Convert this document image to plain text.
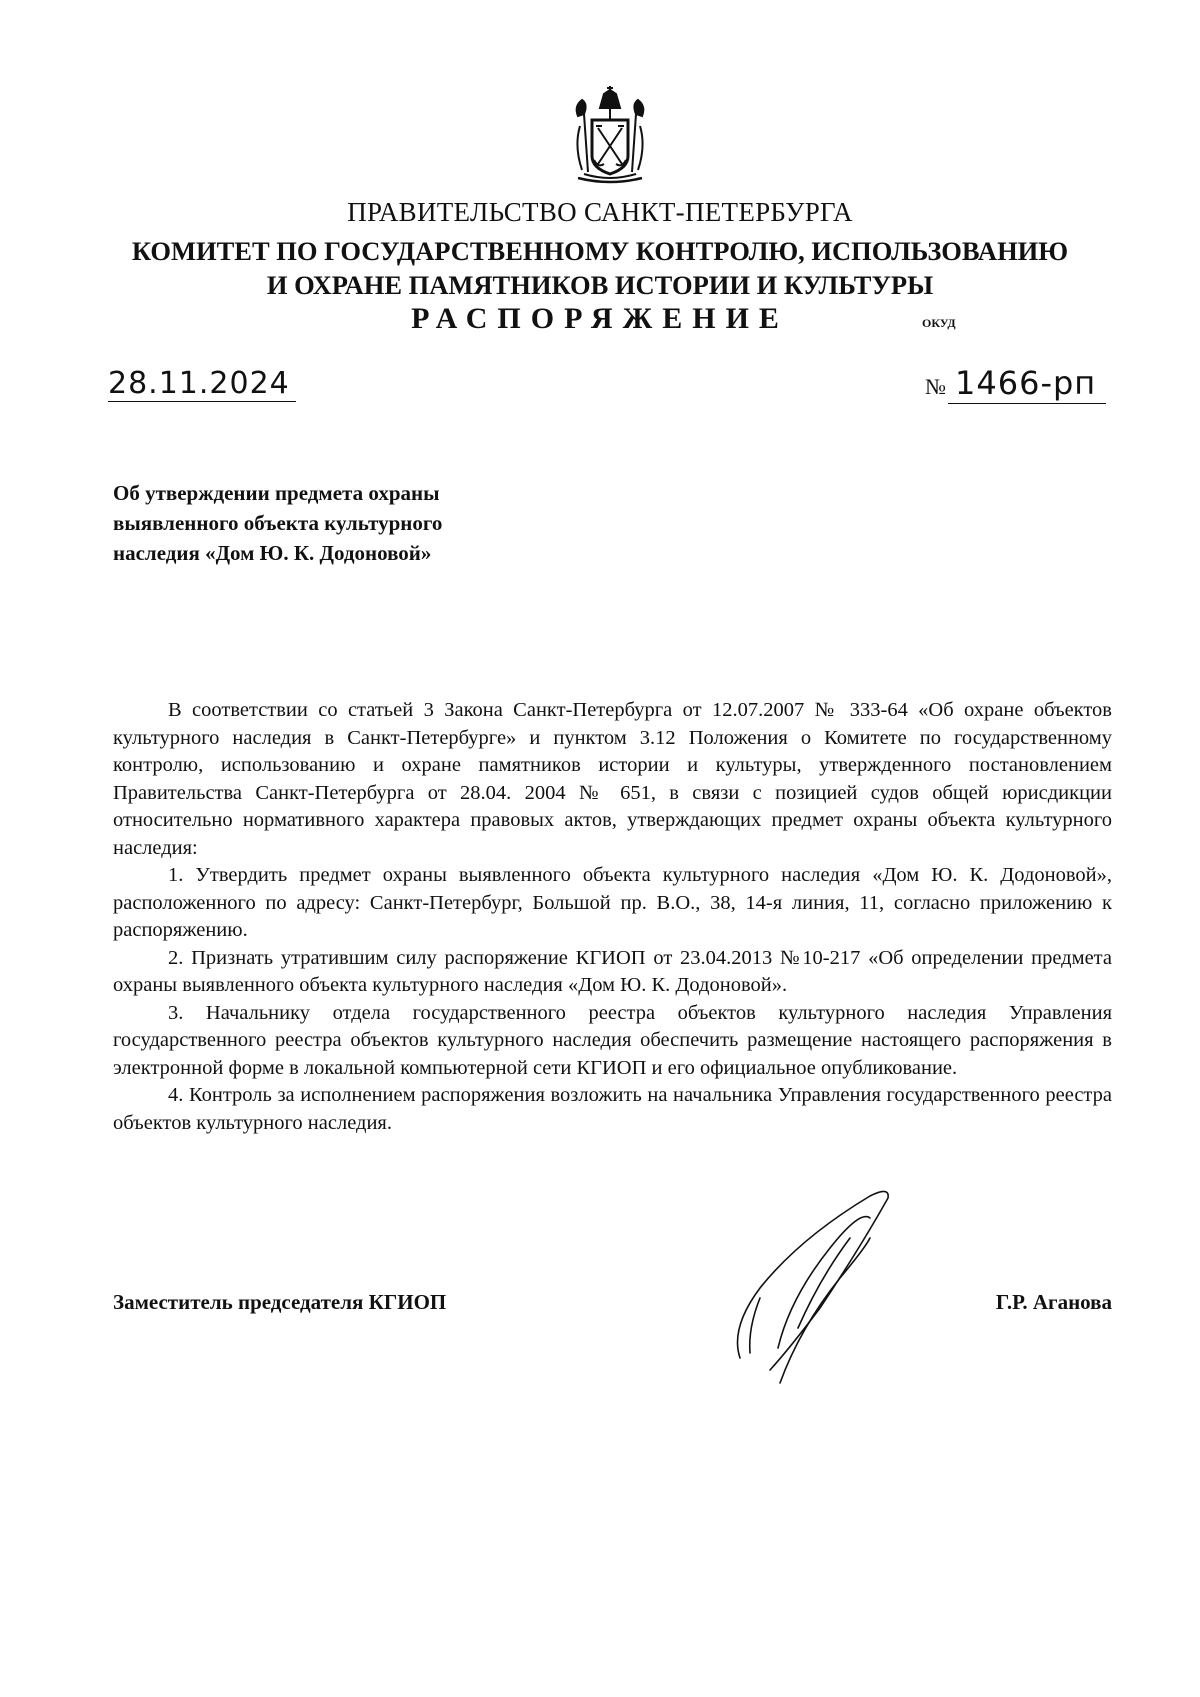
ПРАВИТЕЛЬСТВО САНКТ-ПЕТЕРБУРГА
КОМИТЕТ ПО ГОСУДАРСТВЕННОМУ КОНТРОЛЮ, ИСПОЛЬЗОВАНИЮ
И ОХРАНЕ ПАМЯТНИКОВ ИСТОРИИ И КУЛЬТУРЫ
РАСПОРЯЖЕНИЕ	ОКУД
28.11.2024	№ 1466-рп
Об утверждении предмета охраны
выявленного объекта культурного
наследия «Дом Ю. К. Додоновой»

В соответствии со статьей 3 Закона Санкт-Петербурга от 12.07.2007 № 333-64 «Об охране объектов культурного наследия в Санкт-Петербурге» и пунктом 3.12 Положения о Комитете по государственному контролю, использованию и охране памятников истории и культуры, утвержденного постановлением Правительства Санкт-Петербурга от 28.04. 2004 № 651, в связи с позицией судов общей юрисдикции относительно нормативного характера правовых актов, утверждающих предмет охраны объекта культурного наследия:

1. Утвердить предмет охраны выявленного объекта культурного наследия «Дом Ю. К. Додоновой», расположенного по адресу: Санкт-Петербург, Большой пр. В.О., 38, 14-я линия, 11, согласно приложению к распоряжению.

2. Признать утратившим силу распоряжение КГИОП от 23.04.2013 №10-217 «Об определении предмета охраны выявленного объекта культурного наследия «Дом Ю. К. Додоновой».

3. Начальнику отдела государственного реестра объектов культурного наследия Управления государственного реестра объектов культурного наследия обеспечить размещение настоящего распоряжения в электронной форме в локальной компьютерной сети КГИОП и его официальное опубликование.

4. Контроль за исполнением распоряжения возложить на начальника Управления государственного реестра объектов культурного наследия.

Заместитель председателя КГИОП	Г.Р. Аганова
